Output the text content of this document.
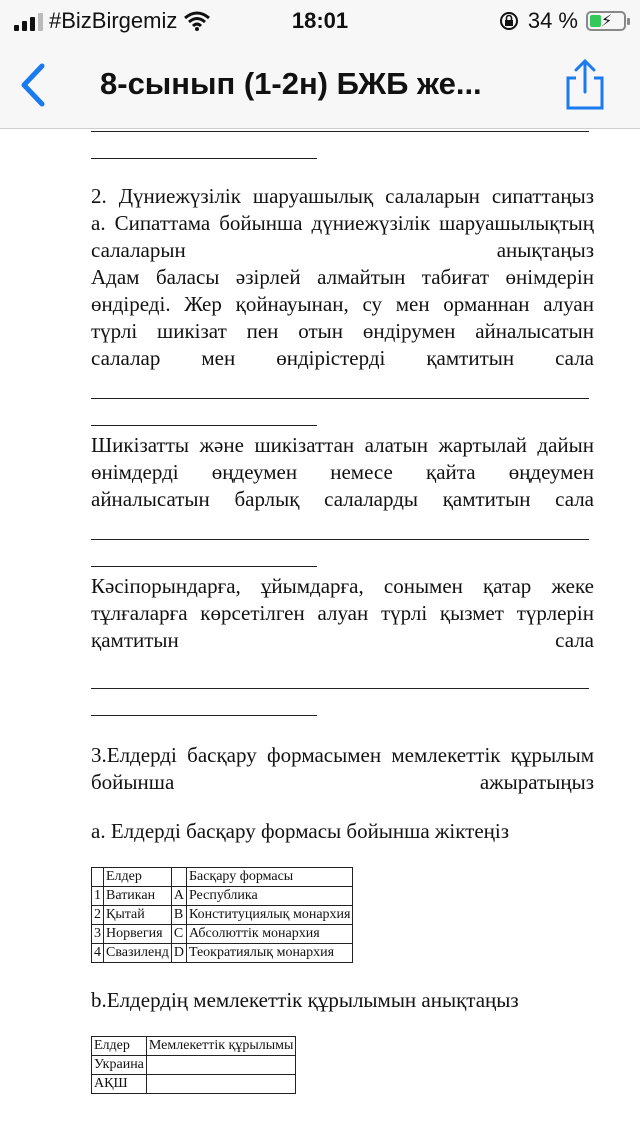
#BizBirgemiz	18:01	34 % ⚡
8-сынып (1-2н) БЖБ же...

2. Дүниежүзілік шаруашылық салаларын сипаттаңыз

а. Сипаттама бойынша дүниежүзілік шаруашылықтың салаларын анықтаңыз

Адам баласы әзірлей алмайтын табиғат өнімдерін өндіреді. Жер қойнауынан, су мен орманнан алуан түрлі шикізат пен отын өндірумен айналысатын салалар мен өндірістерді қамтитын сала

Шикізатты және шикізаттан алатын жартылай дайын өнімдерді өңдеумен немесе қайта өңдеумен айналысатын барлық салаларды қамтитын сала

Кәсіпорындарға, ұйымдарға, сонымен қатар жеке тұлғаларға көрсетілген алуан түрлі қызмет түрлерін қамтитын сала

3.Елдерді басқару формасымен мемлекеттік құрылым бойынша ажыратыңыз

а. Елдерді басқару формасы бойынша жіктеңіз

	Елдер		Басқару формасы
1	Ватикан	A	Республика
2	Қытай	B	Конституциялық монархия
3	Норвегия	C	Абсолюттік монархия
4	Свазиленд	D	Теократиялық монархия

b.Елдердің мемлекеттік құрылымын анықтаңыз

Елдер	Мемлекеттік құрылымы
Украина	
АҚШ	
